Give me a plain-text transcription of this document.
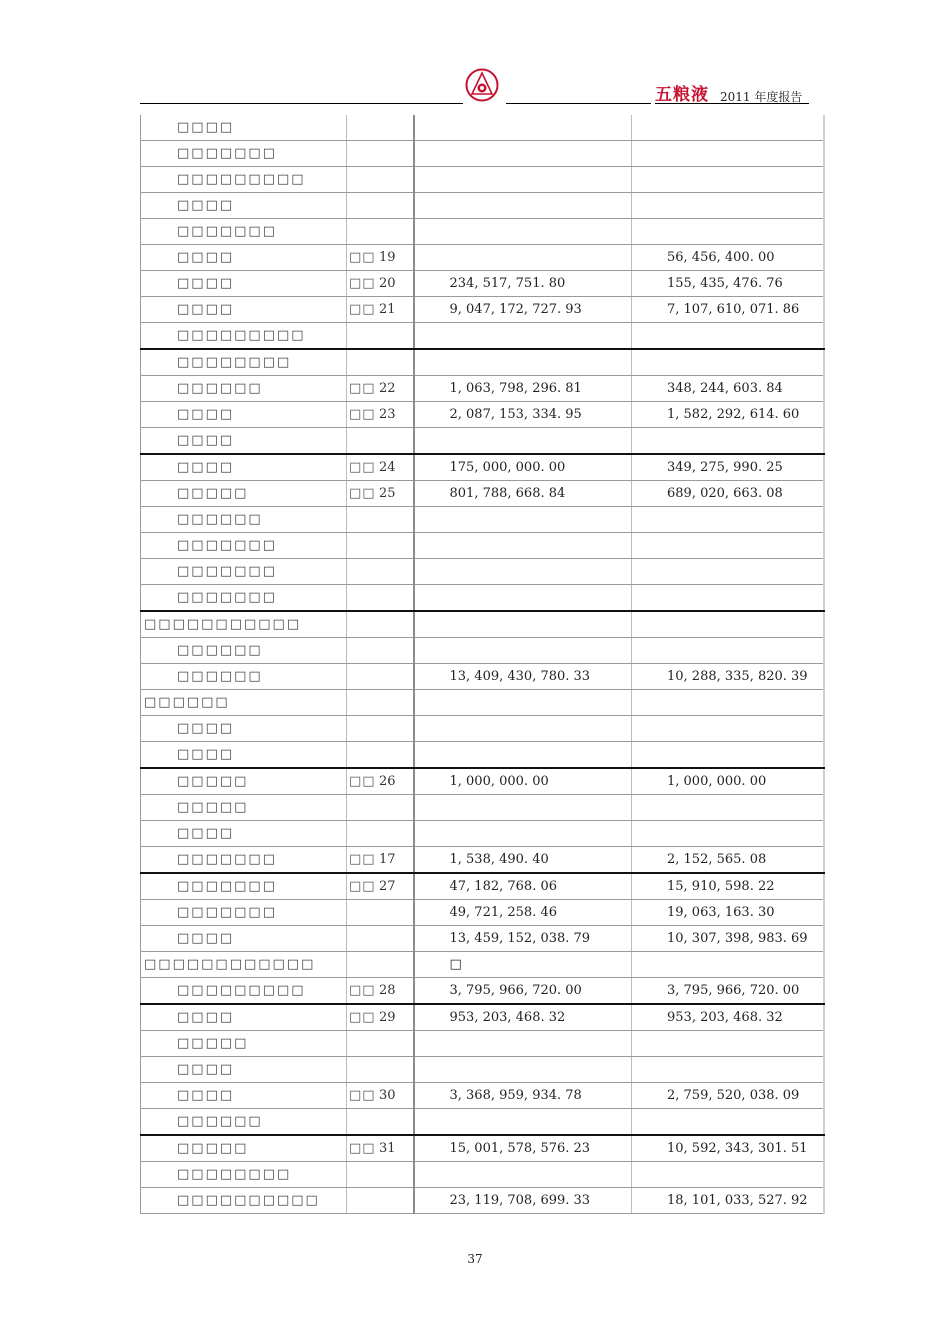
五粮液 2011 年度报告
□□□□			
□□□□□□□			
□□□□□□□□□			
□□□□			
□□□□□□□			
□□□□	□□ 19		56, 456, 400. 00
□□□□	□□ 20	234, 517, 751. 80	155, 435, 476. 76
□□□□	□□ 21	9, 047, 172, 727. 93	7, 107, 610, 071. 86
□□□□□□□□□			
□□□□□□□□			
□□□□□□	□□ 22	1, 063, 798, 296. 81	348, 244, 603. 84
□□□□	□□ 23	2, 087, 153, 334. 95	1, 582, 292, 614. 60
□□□□			
□□□□	□□ 24	175, 000, 000. 00	349, 275, 990. 25
□□□□□	□□ 25	801, 788, 668. 84	689, 020, 663. 08
□□□□□□			
□□□□□□□			
□□□□□□□			
□□□□□□□			
□□□□□□□□□□□			
□□□□□□			
□□□□□□		13, 409, 430, 780. 33	10, 288, 335, 820. 39
□□□□□□			
□□□□			
□□□□			
□□□□□	□□ 26	1, 000, 000. 00	1, 000, 000. 00
□□□□□			
□□□□			
□□□□□□□	□□ 17	1, 538, 490. 40	2, 152, 565. 08
□□□□□□□	□□ 27	47, 182, 768. 06	15, 910, 598. 22
□□□□□□□		49, 721, 258. 46	19, 063, 163. 30
□□□□		13, 459, 152, 038. 79	10, 307, 398, 983. 69
□□□□□□□□□□□□		□	
□□□□□□□□□	□□ 28	3, 795, 966, 720. 00	3, 795, 966, 720. 00
□□□□	□□ 29	953, 203, 468. 32	953, 203, 468. 32
□□□□□			
□□□□			
□□□□	□□ 30	3, 368, 959, 934. 78	2, 759, 520, 038. 09
□□□□□□			
□□□□□	□□ 31	15, 001, 578, 576. 23	10, 592, 343, 301. 51
□□□□□□□□			
□□□□□□□□□□		23, 119, 708, 699. 33	18, 101, 033, 527. 92
37
